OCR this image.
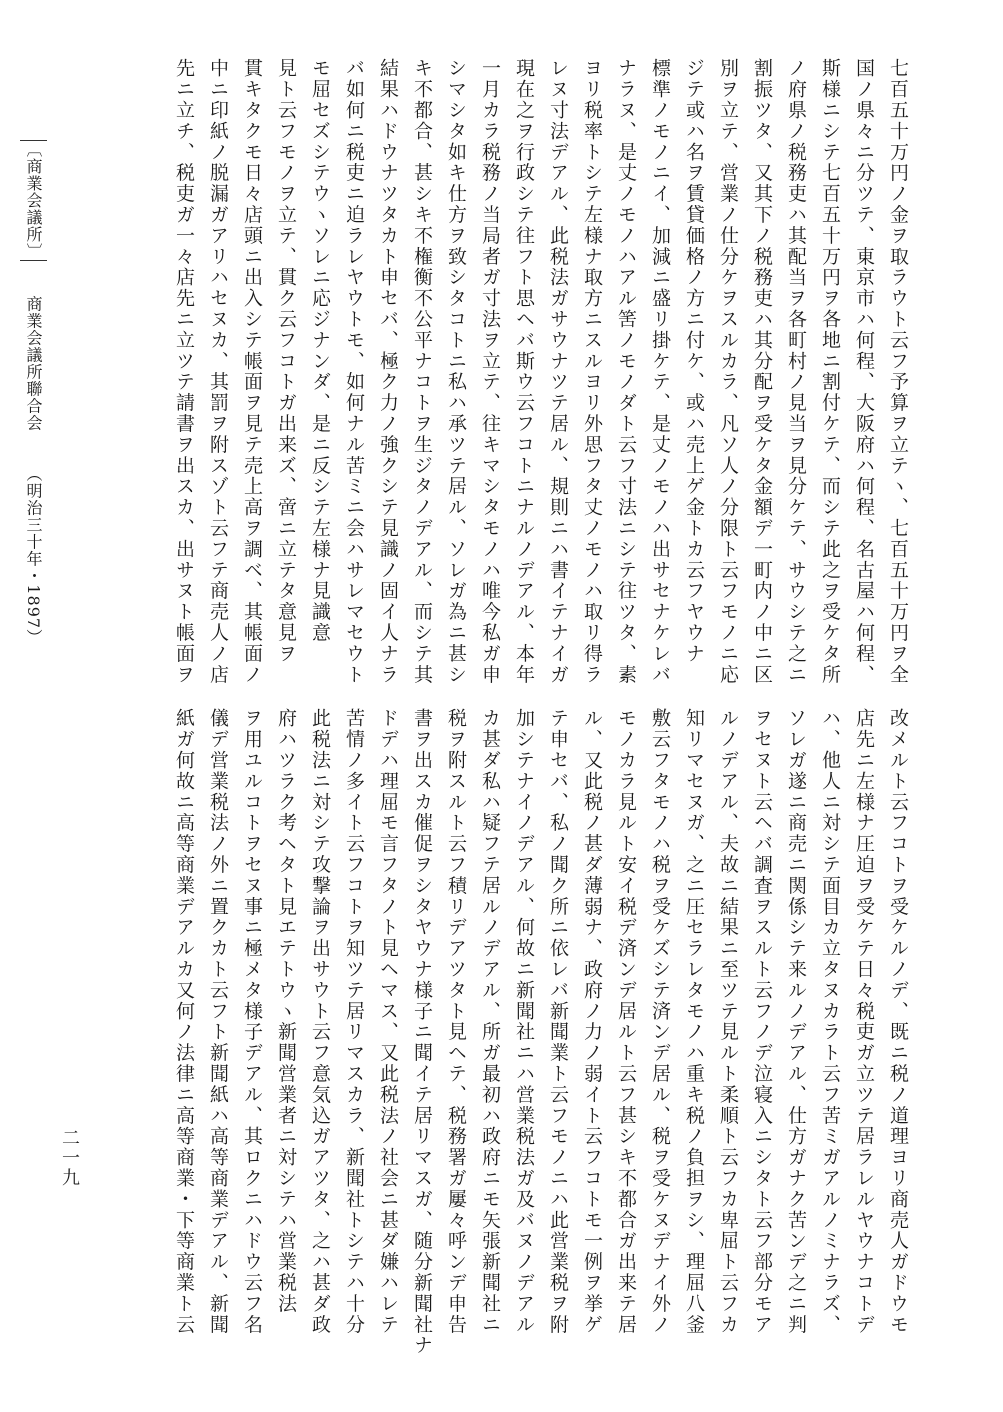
〔商業会議所〕  商業会議所聯合会  （明治三十年・1897）	七百五十万円ノ金ヲ取ラウト云フ予算ヲ立テヽ、七百五十万円ヲ全
国ノ県々ニ分ツテ、東京市ハ何程、大阪府ハ何程、名古屋ハ何程、
斯様ニシテ七百五十万円ヲ各地ニ割付ケテ、而シテ此之ヲ受ケタ所
ノ府県ノ税務吏ハ其配当ヲ各町村ノ見当ヲ見分ケテ、サウシテ之ニ
割振ツタ、又其下ノ税務吏ハ其分配ヲ受ケタ金額デ一町内ノ中ニ区
別ヲ立テ、営業ノ仕分ケヲスルカラ、凡ソ人ノ分限ト云フモノニ応
ジテ或ハ名ヲ賃貸価格ノ方ニ付ケ、或ハ売上ゲ金トカ云フヤウナ
標準ノモノニイ、加減ニ盛リ掛ケテ、是丈ノモノハ出サセナケレバ
ナラヌ、是丈ノモノハアル筈ノモノダト云フ寸法ニシテ往ツタ、素
ヨリ税率トシテ左様ナ取方ニスルヨリ外思フタ丈ノモノハ取リ得ラ
レヌ寸法デアル、此税法ガサウナツテ居ル、規則ニハ書イテナイガ
現在之ヲ行政シテ往フト思ヘバ斯ウ云フコトニナルノデアル、本年
一月カラ税務ノ当局者ガ寸法ヲ立テ、往キマシタモノハ唯今私ガ申
シマシタ如キ仕方ヲ致シタコトニ私ハ承ツテ居ル、ソレガ為ニ甚シ
キ不都合、甚シキ不権衡不公平ナコトヲ生ジタノデアル、而シテ其
結果ハドウナツタカト申セバ、極ク力ノ強クシテ見識ノ固イ人ナラ
バ如何ニ税吏ニ迫ラレヤウトモ、如何ナル苦ミニ会ハサレマセウト
モ屈セズシテウヽソレニ応ジナンダ、是ニ反シテ左様ナ見識意
見ト云フモノヲ立テ、貫ク云フコトガ出来ズ、啻ニ立テタ意見ヲ
貫キタクモ日々店頭ニ出入シテ帳面ヲ見テ売上高ヲ調ベ、其帳面ノ
中ニ印紙ノ脱漏ガアリハセヌカ、其罰ヲ附スゾト云フテ商売人ノ店
先ニ立チ、税吏ガ一々店先ニ立ツテ請書ヲ出スカ、出サヌト帳面ヲ
改メルト云フコトヲ受ケルノデ、既ニ税ノ道理ヨリ商売人ガドウモ
店先ニ左様ナ圧迫ヲ受ケテ日々税吏ガ立ツテ居ラレルヤウナコトデ
ハ、他人ニ対シテ面目カ立タヌカラト云フ苦ミガアルノミナラズ、
ソレガ遂ニ商売ニ関係シテ来ルノデアル、仕方ガナク苦ンデ之ニ判
ヲセヌト云ヘバ調査ヲスルト云フノデ泣寝入ニシタト云フ部分モア
ルノデアル、夫故ニ結果ニ至ツテ見ルト柔順ト云フカ卑屈ト云フカ
知リマセヌガ、之ニ圧セラレタモノハ重キ税ノ負担ヲシ、理屈八釜
敷云フタモノハ税ヲ受ケズシテ済ンデ居ル、税ヲ受ケヌデナイ外ノ
モノカラ見ルト安イ税デ済ンデ居ルト云フ甚シキ不都合ガ出来テ居
ル、又此税ノ甚ダ薄弱ナ、政府ノ力ノ弱イト云フコトモ一例ヲ挙ゲ
テ申セバ、私ノ聞ク所ニ依レバ新聞業ト云フモノニハ此営業税ヲ附
加シテナイノデアル、何故ニ新聞社ニハ営業税法ガ及バヌノデアル
カ甚ダ私ハ疑フテ居ルノデアル、所ガ最初ハ政府ニモ矢張新聞社ニ
税ヲ附スルト云フ積リデアツタト見ヘテ、税務署ガ屢々呼ンデ申告
書ヲ出スカ催促ヲシタヤウナ様子ニ聞イテ居リマスガ、随分新聞社ナ
ドデハ理屈モ言フタノト見ヘマス、又此税法ノ社会ニ甚ダ嫌ハレテ
苦情ノ多イト云フコトヲ知ツテ居リマスカラ、新聞社トシテハ十分
此税法ニ対シテ攻撃論ヲ出サウト云フ意気込ガアツタ、之ハ甚ダ政
府ハツラク考ヘタト見エテトウヽ新聞営業者ニ対シテハ営業税法
ヲ用ユルコトヲセヌ事ニ極メタ様子デアル、其ロクニハドウ云フ名
儀デ営業税法ノ外ニ置クカト云フト新聞紙ハ高等商業デアル、新聞
紙ガ何故ニ高等商業デアルカ又何ノ法律ニ高等商業・下等商業ト云
二一九
